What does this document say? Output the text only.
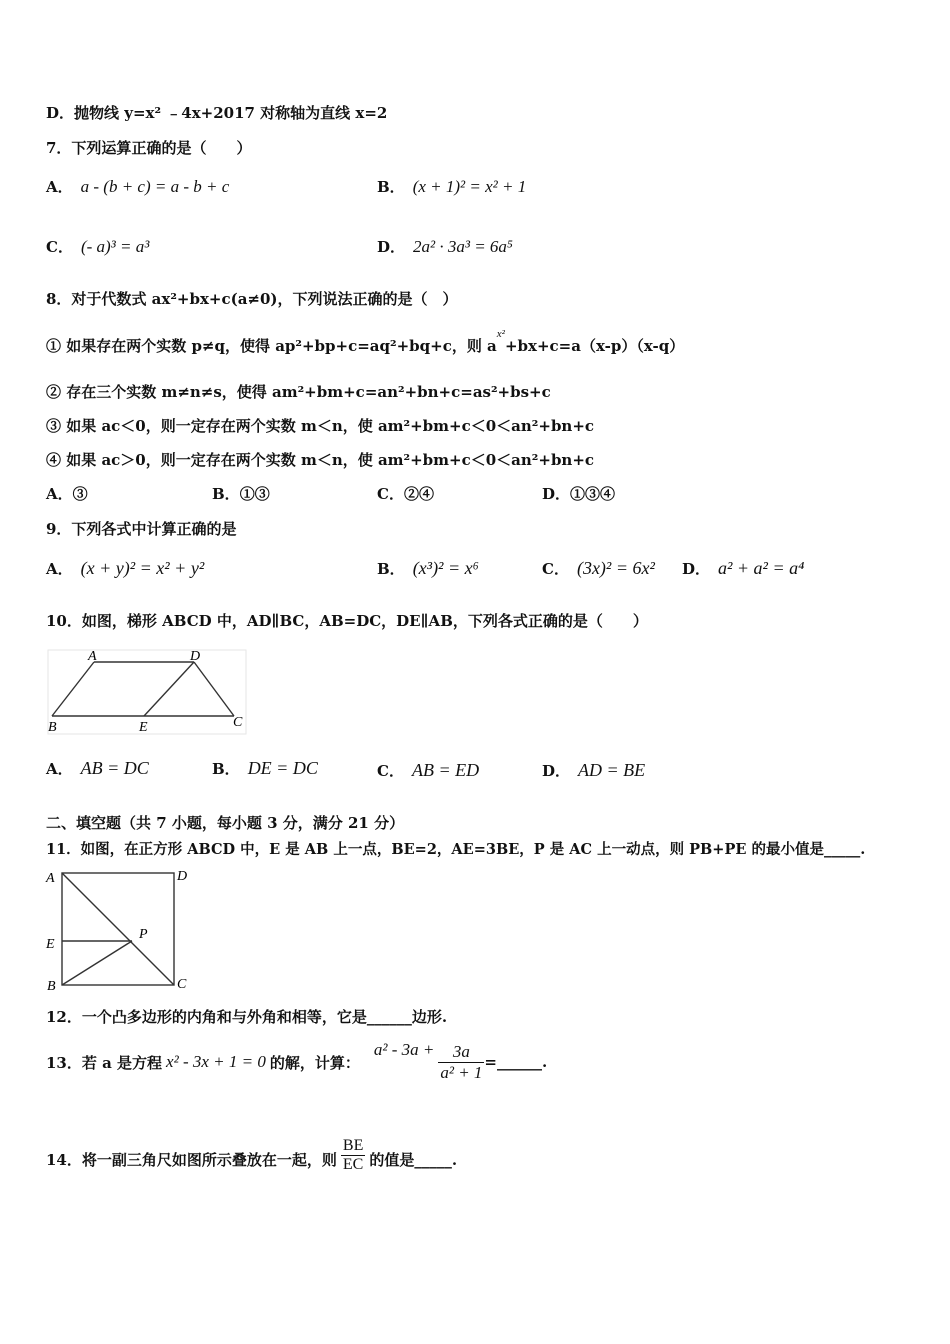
D．抛物线 y=x² ﹣4x+2017 对称轴为直线 x=2
7．下列运算正确的是（　　）
A． a - (b + c) = a - b + c	B． (x + 1)² = x² + 1
C． (- a)³ = a³	D． 2a² · 3a³ = 6a⁵
8．对于代数式 ax²+bx+c(a≠0)，下列说法正确的是（　）
① 如果存在两个实数 p≠q，使得 ap²+bp+c=aq²+bq+c，则 $a^{x^2}+bx+c=a(x-p)(x-q)$
② 存在三个实数 m≠n≠s，使得 am²+bm+c=an²+bn+c=as²+bs+c
③ 如果 ac＜0，则一定存在两个实数 m＜n，使 am²+bm+c＜0＜an²+bn+c
④ 如果 ac＞0，则一定存在两个实数 m＜n，使 am²+bm+c＜0＜an²+bn+c
A．③	B．①③	C．②④	D．①③④
9．下列各式中计算正确的是
A． (x + y)² = x² + y²	B． (x³)² = x⁶	C． (3x)² = 6x² D． a² + a² = a⁴
10．如图，梯形 ABCD 中，AD∥BC，AB=DC，DE∥AB，下列各式正确的是（　　）
A	D
B	E	C
A． AB = DC	B． DE = DC	C． AB = ED	D． AD = BE
二、填空题（共 7 小题，每小题 3 分，满分 21 分）
11．如图，在正方形 ABCD 中，E 是 AB 上一点，BE=2，AE=3BE，P 是 AC 上一动点，则 PB+PE 的最小值是_____.
A	D
E
P
B	C
12．一个凸多边形的内角和与外角和相等，它是______边形.
13．若 a 是方程 x² - 3x + 1 = 0 的解，计算：
$a^2 - 3a + \frac{3a}{\text{a² + 1}}$ =______.
14．将一副三角尺如图所示叠放在一起，则 $\frac{BE}{EC}$ 的值是_____.
